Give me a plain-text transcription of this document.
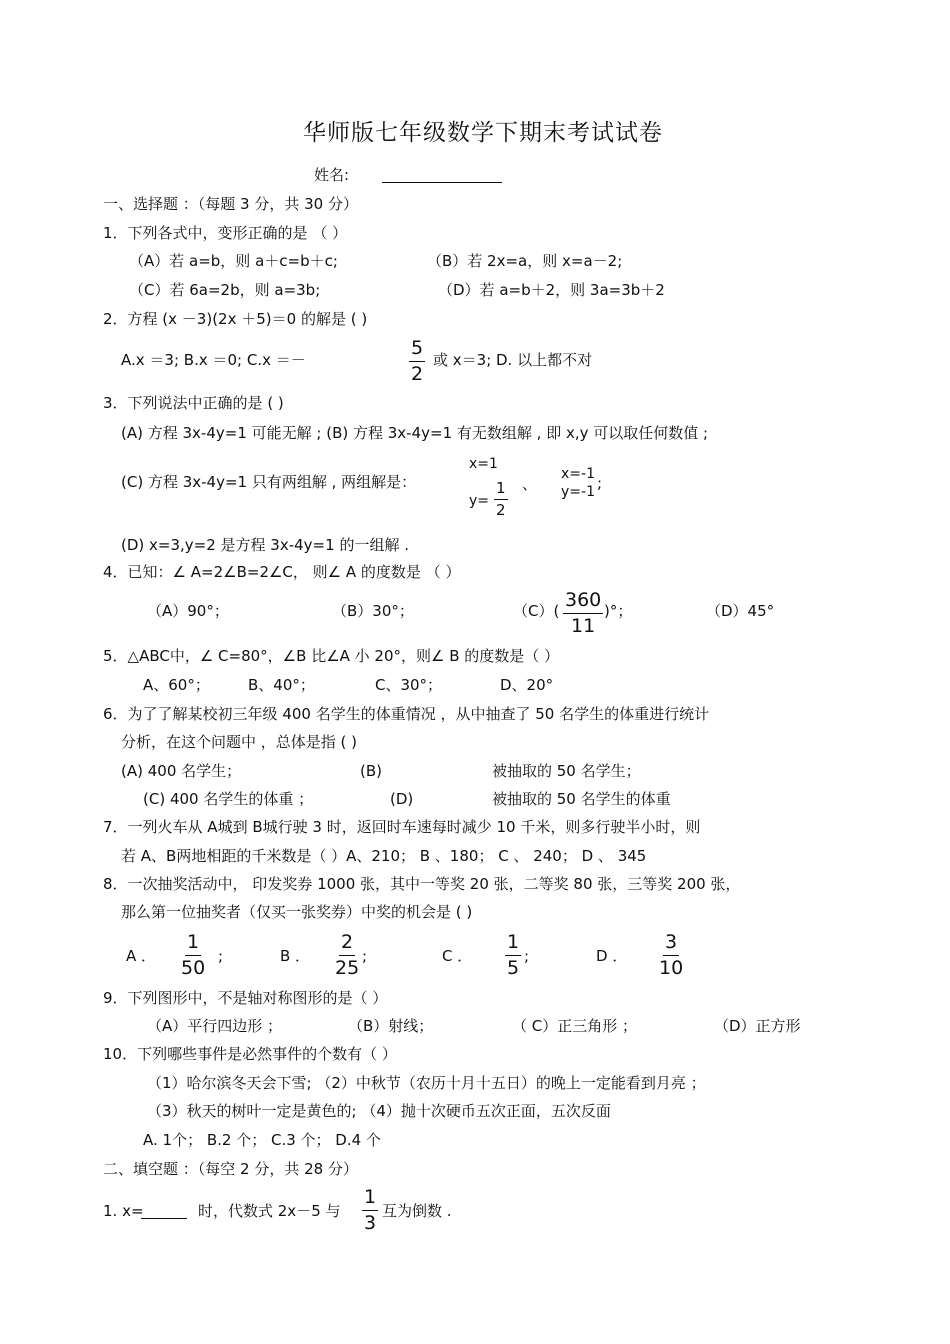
华师版七年级数学下期末考试试卷
姓名:
一、选择题 ：（每题 3 分，共 30 分）
1．下列各式中，变形正确的是 （ ）
（A）若 a=b，则 a＋c=b＋c;	（B）若 2x=a，则 x=a－2;
（C）若 6a=2b，则 a=3b;	（D）若 a=b＋2，则 3a=3b＋2
2．方程 (x －3)(2x ＋5)＝0 的解是 ( )
A.x ＝3; B.x ＝0; C.x ＝－	$\frac{5}{2}$ 或 x＝3; D. 以上都不对
3．下列说法中正确的是 ( )
(A) 方程 3x-4y=1 可能无解 ; (B) 方程 3x-4y=1 有无数组解 , 即 x,y 可以取任何数值 ;
(C) 方程 3x-4y=1 只有两组解 , 两组解是：
x=1
$y= \frac{1}{2}$ 、
x=-1
y=-1 ;
(D) x=3,y=2 是方程 3x-4y=1 的一组解 .
4．已知：∠ A=2∠B=2∠C， 则∠ A 的度数是 （ ）
（A）90°；	（B）30°；	$(C)( \frac{360}{11}$ )°；	（D）45°
5．△ABC中，∠ C=80°，∠B 比∠A 小 20°，则∠ B 的度数是（ ）
A、60°；	B、40°；	C、30°；	D、20°
6．为了了解某校初三年级 400 名学生的体重情况 ，从中抽查了 50 名学生的体重进行统计
分析，在这个问题中 ，总体是指 ( )
(A) 400 名学生；	(B)	被抽取的 50 名学生；
(C) 400 名学生的体重 ；	(D)	被抽取的 50 名学生的体重
7．一列火车从 A城到 B城行驶 3 时，返回时车速每时减少 10 千米，则多行驶半小时，则
若 A、B两地相距的千米数是（ ）A、210； B 、180； C 、 240； D 、 345
8．一次抽奖活动中， 印发奖券 1000 张，其中一等奖 20 张，二等奖 80 张，三等奖 200 张，
那么第一位抽奖者（仅买一张奖券）中奖的机会是 ( )
A ． $\frac{1}{50}$ ;	B ． $\frac{2}{25}$ ;	C ． $\frac{1}{5}$ ;	D ． $\frac{3}{10}$
9．下列图形中，不是轴对称图形的是（ ）
（A）平行四边形 ；	（B）射线；	（ C）正三角形 ；	（D）正方形
10．下列哪些事件是必然事件的个数有（ ）
（1）哈尔滨冬天会下雪; （2）中秋节（农历十月十五日）的晚上一定能看到月亮 ；
（3）秋天的树叶一定是黄色的; （4）抛十次硬币五次正面，五次反面
A. 1个； B.2 个； C.3 个； D.4 个
二、填空题 ：（每空 2 分，共 28 分）
1. x=	时，代数式 2x－5 与 $\frac{1}{3}$ 互为倒数 .
